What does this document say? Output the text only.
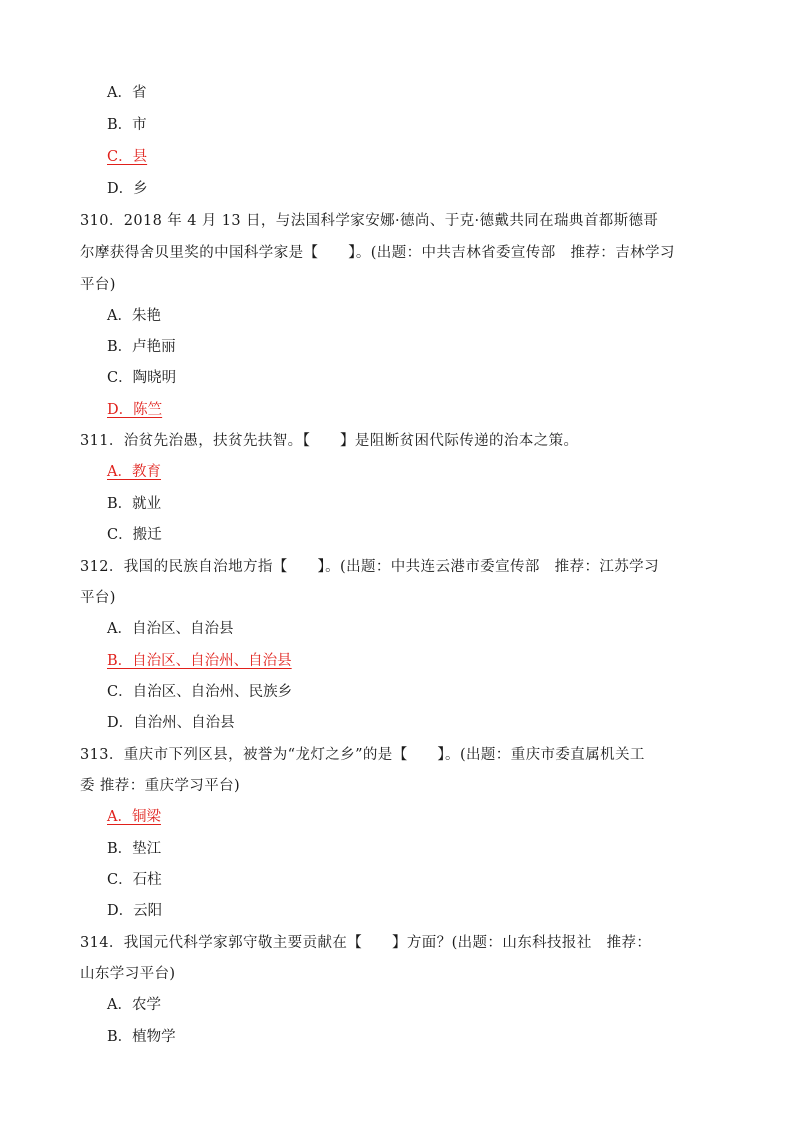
A．省
B．市
C．县
D．乡
310．2018 年 4 月 13 日，与法国科学家安娜·德尚、于克·德戴共同在瑞典首都斯德哥
尔摩获得舍贝里奖的中国科学家是【　　】。(出题：中共吉林省委宣传部　推荐：吉林学习
平台)
A．朱艳
B．卢艳丽
C．陶晓明
D．陈竺
311．治贫先治愚，扶贫先扶智。【　　】是阻断贫困代际传递的治本之策。
A．教育
B．就业
C．搬迁
312．我国的民族自治地方指【　　】。(出题：中共连云港市委宣传部　推荐：江苏学习
平台)
A．自治区、自治县
B．自治区、自治州、自治县
C．自治区、自治州、民族乡
D．自治州、自治县
313．重庆市下列区县，被誉为“龙灯之乡”的是【　　】。(出题：重庆市委直属机关工
委 推荐：重庆学习平台)
A．铜梁
B．垫江
C．石柱
D．云阳
314．我国元代科学家郭守敬主要贡献在【　　】方面？(出题：山东科技报社　推荐：
山东学习平台)
A．农学
B．植物学
